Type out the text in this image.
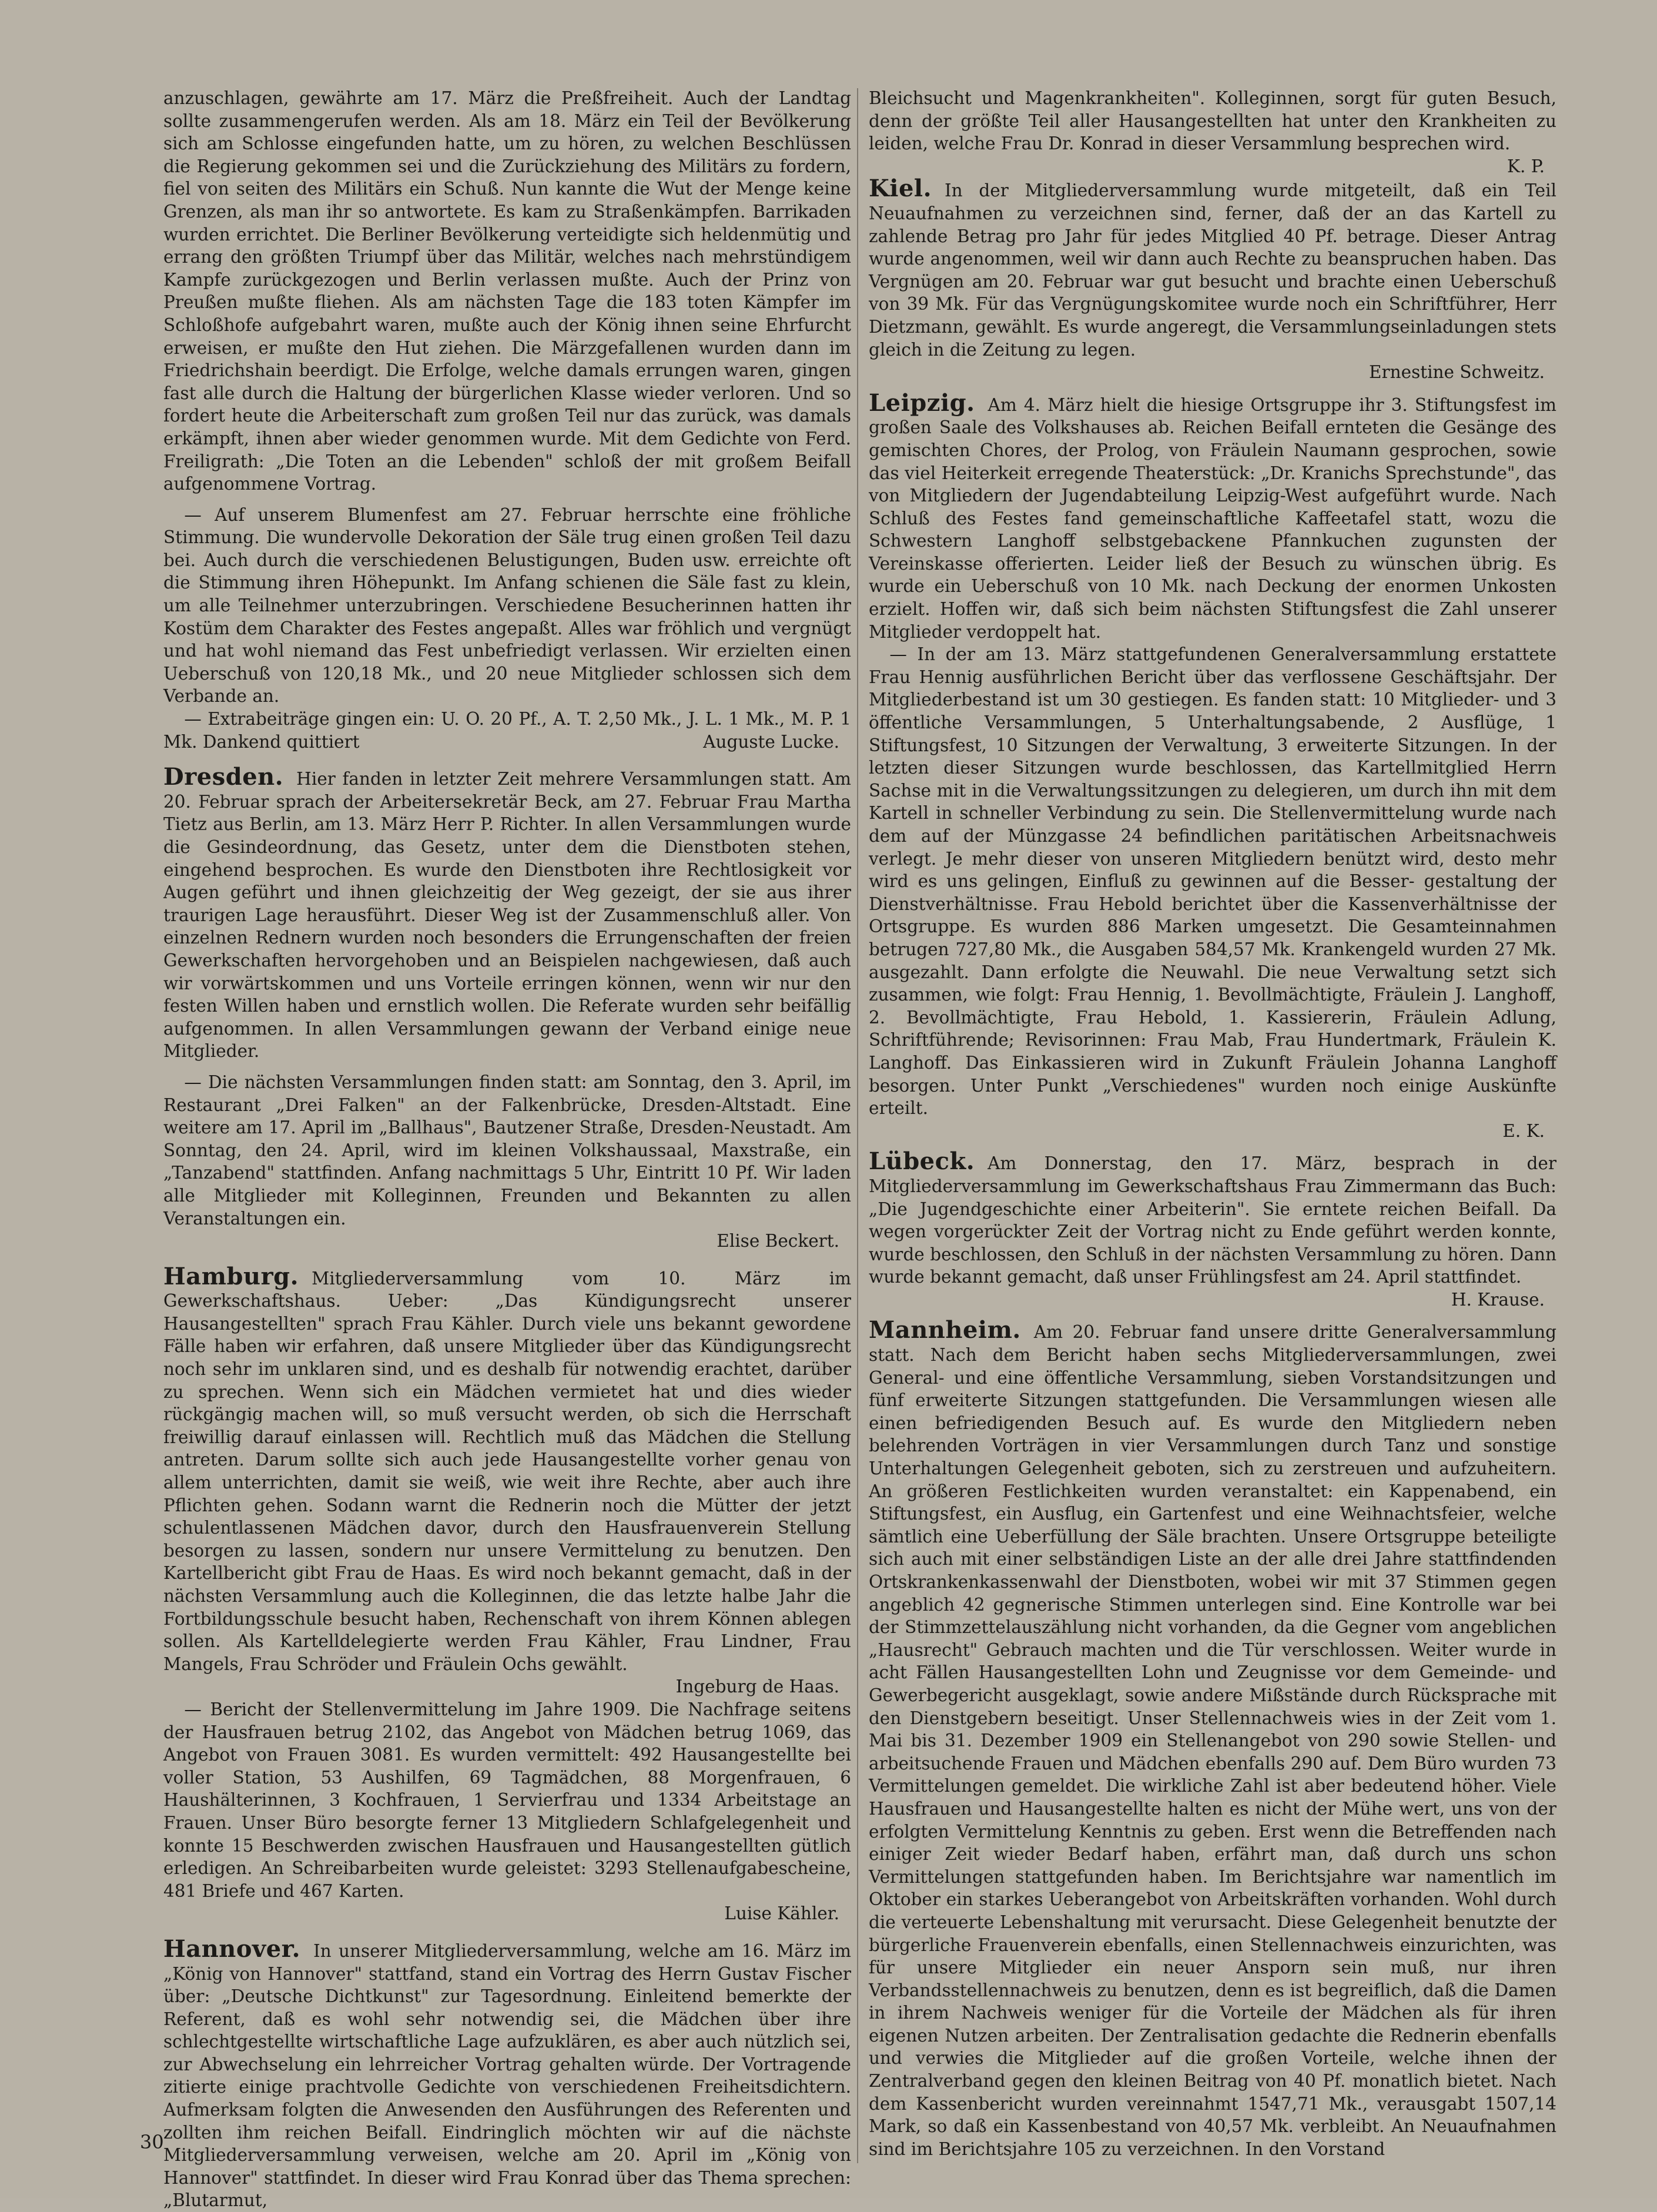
anzuschlagen, gewährte am 17. März die Preßfreiheit. Auch der Landtag sollte zusammengerufen werden. Als am 18. März ein Teil der Bevölkerung sich am Schlosse eingefunden hatte, um zu hören, zu welchen Beschlüssen die Regierung gekommen sei und die Zurückziehung des Militärs zu fordern, fiel von seiten des Militärs ein Schuß. Nun kannte die Wut der Menge keine Grenzen, als man ihr so antwortete. Es kam zu Straßenkämpfen. Barrikaden wurden errichtet. Die Berliner Bevölkerung verteidigte sich heldenmütig und errang den größten Triumpf über das Militär, welches nach mehrstündigem Kampfe zurückgezogen und Berlin verlassen mußte. Auch der Prinz von Preußen mußte fliehen. Als am nächsten Tage die 183 toten Kämpfer im Schloßhofe aufgebahrt waren, mußte auch der König ihnen seine Ehrfurcht erweisen, er mußte den Hut ziehen. Die Märzgefallenen wurden dann im Friedrichshain beerdigt. Die Erfolge, welche damals errungen waren, gingen fast alle durch die Haltung der bürgerlichen Klasse wieder verloren. Und so fordert heute die Arbeiterschaft zum großen Teil nur das zurück, was damals erkämpft, ihnen aber wieder genommen wurde. Mit dem Gedichte von Ferd. Freiligrath: „Die Toten an die Lebenden" schloß der mit großem Beifall aufgenommene Vortrag.

— Auf unserem Blumenfest am 27. Februar herrschte eine fröhliche Stimmung. Die wundervolle Dekoration der Säle trug einen großen Teil dazu bei. Auch durch die verschiedenen Belustigungen, Buden usw. erreichte oft die Stimmung ihren Höhepunkt. Im Anfang schienen die Säle fast zu klein, um alle Teilnehmer unterzubringen. Verschiedene Besucherinnen hatten ihr Kostüm dem Charakter des Festes angepaßt. Alles war fröhlich und vergnügt und hat wohl niemand das Fest unbefriedigt verlassen. Wir erzielten einen Ueberschuß von 120,18 Mk., und 20 neue Mitglieder schlossen sich dem Verbande an.

— Extrabeiträge gingen ein: U. O. 20 Pf., A. T. 2,50 Mk., J. L. 1 Mk., M. P. 1 Mk. Dankend quittiert	Auguste Lucke.

Dresden. Hier fanden in letzter Zeit mehrere Versammlungen statt. Am 20. Februar sprach der Arbeitersekretär Beck, am 27. Februar Frau Martha Tietz aus Berlin, am 13. März Herr P. Richter. In allen Versammlungen wurde die Gesindeordnung, das Gesetz, unter dem die Dienstboten stehen, eingehend besprochen. Es wurde den Dienstboten ihre Rechtlosigkeit vor Augen geführt und ihnen gleichzeitig der Weg gezeigt, der sie aus ihrer traurigen Lage herausführt. Dieser Weg ist der Zusammenschluß aller. Von einzelnen Rednern wurden noch besonders die Errungenschaften der freien Gewerkschaften hervorgehoben und an Beispielen nachgewiesen, daß auch wir vorwärtskommen und uns Vorteile erringen können, wenn wir nur den festen Willen haben und ernstlich wollen. Die Referate wurden sehr beifällig aufgenommen. In allen Versammlungen gewann der Verband einige neue Mitglieder.

— Die nächsten Versammlungen finden statt: am Sonntag, den 3. April, im Restaurant „Drei Falken" an der Falkenbrücke, Dresden-Altstadt. Eine weitere am 17. April im „Ballhaus", Bautzener Straße, Dresden-Neustadt. Am Sonntag, den 24. April, wird im kleinen Volkshaussaal, Maxstraße, ein „Tanzabend" stattfinden. Anfang nachmittags 5 Uhr, Eintritt 10 Pf. Wir laden alle Mitglieder mit Kolleginnen, Freunden und Bekannten zu allen Veranstaltungen ein.

Elise Beckert.

Hamburg. Mitgliederversammlung vom 10. März im Gewerkschaftshaus. Ueber: „Das Kündigungsrecht unserer Hausangestellten" sprach Frau Kähler. Durch viele uns bekannt gewordene Fälle haben wir erfahren, daß unsere Mitglieder über das Kündigungsrecht noch sehr im unklaren sind, und es deshalb für notwendig erachtet, darüber zu sprechen. Wenn sich ein Mädchen vermietet hat und dies wieder rückgängig machen will, so muß versucht werden, ob sich die Herrschaft freiwillig darauf einlassen will. Rechtlich muß das Mädchen die Stellung antreten. Darum sollte sich auch jede Hausangestellte vorher genau von allem unterrichten, damit sie weiß, wie weit ihre Rechte, aber auch ihre Pflichten gehen. Sodann warnt die Rednerin noch die Mütter der jetzt schulentlassenen Mädchen davor, durch den Hausfrauenverein Stellung besorgen zu lassen, sondern nur unsere Vermittelung zu benutzen. Den Kartellbericht gibt Frau de Haas. Es wird noch bekannt gemacht, daß in der nächsten Versammlung auch die Kolleginnen, die das letzte halbe Jahr die Fortbildungsschule besucht haben, Rechenschaft von ihrem Können ablegen sollen. Als Kartelldelegierte werden Frau Kähler, Frau Lindner, Frau Mangels, Frau Schröder und Fräulein Ochs gewählt.

Ingeburg de Haas.

— Bericht der Stellenvermittelung im Jahre 1909. Die Nachfrage seitens der Hausfrauen betrug 2102, das Angebot von Mädchen betrug 1069, das Angebot von Frauen 3081. Es wurden vermittelt: 492 Hausangestellte bei voller Station, 53 Aushilfen, 69 Tagmädchen, 88 Morgenfrauen, 6 Haushälterinnen, 3 Kochfrauen, 1 Servierfrau und 1334 Arbeitstage an Frauen. Unser Büro besorgte ferner 13 Mitgliedern Schlafgelegenheit und konnte 15 Beschwerden zwischen Hausfrauen und Hausangestellten gütlich erledigen. An Schreibarbeiten wurde geleistet: 3293 Stellenaufgabescheine, 481 Briefe und 467 Karten.

Luise Kähler.

Hannover. In unserer Mitgliederversammlung, welche am 16. März im „König von Hannover" stattfand, stand ein Vortrag des Herrn Gustav Fischer über: „Deutsche Dichtkunst" zur Tagesordnung. Einleitend bemerkte der Referent, daß es wohl sehr notwendig sei, die Mädchen über ihre schlechtgestellte wirtschaftliche Lage aufzuklären, es aber auch nützlich sei, zur Abwechselung ein lehrreicher Vortrag gehalten würde. Der Vortragende zitierte einige prachtvolle Gedichte von verschiedenen Freiheitsdichtern. Aufmerksam folgten die Anwesenden den Ausführungen des Referenten und zollten ihm reichen Beifall. Eindringlich möchten wir auf die nächste Mitgliederversammlung verweisen, welche am 20. April im „König von Hannover" stattfindet. In dieser wird Frau Konrad über das Thema sprechen: „Blutarmut,

Bleichsucht und Magenkrankheiten". Kolleginnen, sorgt für guten Besuch, denn der größte Teil aller Hausangestellten hat unter den Krankheiten zu leiden, welche Frau Dr. Konrad in dieser Versammlung besprechen wird.

K. P.

Kiel. In der Mitgliederversammlung wurde mitgeteilt, daß ein Teil Neuaufnahmen zu verzeichnen sind, ferner, daß der an das Kartell zu zahlende Betrag pro Jahr für jedes Mitglied 40 Pf. betrage. Dieser Antrag wurde angenommen, weil wir dann auch Rechte zu beanspruchen haben. Das Vergnügen am 20. Februar war gut besucht und brachte einen Ueberschuß von 39 Mk. Für das Vergnügungskomitee wurde noch ein Schriftführer, Herr Dietzmann, gewählt. Es wurde angeregt, die Versammlungseinladungen stets gleich in die Zeitung zu legen.

Ernestine Schweitz.

Leipzig. Am 4. März hielt die hiesige Ortsgruppe ihr 3. Stiftungsfest im großen Saale des Volkshauses ab. Reichen Beifall ernteten die Gesänge des gemischten Chores, der Prolog, von Fräulein Naumann gesprochen, sowie das viel Heiterkeit erregende Theaterstück: „Dr. Kranichs Sprechstunde", das von Mitgliedern der Jugendabteilung Leipzig-West aufgeführt wurde. Nach Schluß des Festes fand gemeinschaftliche Kaffeetafel statt, wozu die Schwestern Langhoff selbstgebackene Pfannkuchen zugunsten der Vereinskasse offerierten. Leider ließ der Besuch zu wünschen übrig. Es wurde ein Ueberschuß von 10 Mk. nach Deckung der enormen Unkosten erzielt. Hoffen wir, daß sich beim nächsten Stiftungsfest die Zahl unserer Mitglieder verdoppelt hat.

— In der am 13. März stattgefundenen Generalversammlung erstattete Frau Hennig ausführlichen Bericht über das verflossene Geschäftsjahr. Der Mitgliederbestand ist um 30 gestiegen. Es fanden statt: 10 Mitglieder- und 3 öffentliche Versammlungen, 5 Unterhaltungsabende, 2 Ausflüge, 1 Stiftungsfest, 10 Sitzungen der Verwaltung, 3 erweiterte Sitzungen. In der letzten dieser Sitzungen wurde beschlossen, das Kartellmitglied Herrn Sachse mit in die Verwaltungssitzungen zu delegieren, um durch ihn mit dem Kartell in schneller Verbindung zu sein. Die Stellenvermittelung wurde nach dem auf der Münzgasse 24 befindlichen paritätischen Arbeitsnachweis verlegt. Je mehr dieser von unseren Mitgliedern benützt wird, desto mehr wird es uns gelingen, Einfluß zu gewinnen auf die Besser- gestaltung der Dienstverhältnisse. Frau Hebold berichtet über die Kassenverhältnisse der Ortsgruppe. Es wurden 886 Marken umgesetzt. Die Gesamteinnahmen betrugen 727,80 Mk., die Ausgaben 584,57 Mk. Krankengeld wurden 27 Mk. ausgezahlt. Dann erfolgte die Neuwahl. Die neue Verwaltung setzt sich zusammen, wie folgt: Frau Hennig, 1. Bevollmächtigte, Fräulein J. Langhoff, 2. Bevollmächtigte, Frau Hebold, 1. Kassiererin, Fräulein Adlung, Schriftführende; Revisorinnen: Frau Mab, Frau Hundertmark, Fräulein K. Langhoff. Das Einkassieren wird in Zukunft Fräulein Johanna Langhoff besorgen. Unter Punkt „Verschiedenes" wurden noch einige Auskünfte erteilt.

E. K.

Lübeck. Am Donnerstag, den 17. März, besprach in der Mitgliederversammlung im Gewerkschaftshaus Frau Zimmermann das Buch: „Die Jugendgeschichte einer Arbeiterin". Sie erntete reichen Beifall. Da wegen vorgerückter Zeit der Vortrag nicht zu Ende geführt werden konnte, wurde beschlossen, den Schluß in der nächsten Versammlung zu hören. Dann wurde bekannt gemacht, daß unser Frühlingsfest am 24. April stattfindet.

H. Krause.

Mannheim. Am 20. Februar fand unsere dritte Generalversammlung statt. Nach dem Bericht haben sechs Mitgliederversammlungen, zwei General- und eine öffentliche Versammlung, sieben Vorstandsitzungen und fünf erweiterte Sitzungen stattgefunden. Die Versammlungen wiesen alle einen befriedigenden Besuch auf. Es wurde den Mitgliedern neben belehrenden Vorträgen in vier Versammlungen durch Tanz und sonstige Unterhaltungen Gelegenheit geboten, sich zu zerstreuen und aufzuheitern. An größeren Festlichkeiten wurden veranstaltet: ein Kappenabend, ein Stiftungsfest, ein Ausflug, ein Gartenfest und eine Weihnachtsfeier, welche sämtlich eine Ueberfüllung der Säle brachten. Unsere Ortsgruppe beteiligte sich auch mit einer selbständigen Liste an der alle drei Jahre stattfindenden Ortskrankenkassenwahl der Dienstboten, wobei wir mit 37 Stimmen gegen angeblich 42 gegnerische Stimmen unterlegen sind. Eine Kontrolle war bei der Stimmzettelauszählung nicht vorhanden, da die Gegner vom angeblichen „Hausrecht" Gebrauch machten und die Tür verschlossen. Weiter wurde in acht Fällen Hausangestellten Lohn und Zeugnisse vor dem Gemeinde- und Gewerbegericht ausgeklagt, sowie andere Mißstände durch Rücksprache mit den Dienstgebern beseitigt. Unser Stellennachweis wies in der Zeit vom 1. Mai bis 31. Dezember 1909 ein Stellenangebot von 290 sowie Stellen- und arbeitsuchende Frauen und Mädchen ebenfalls 290 auf. Dem Büro wurden 73 Vermittelungen gemeldet. Die wirkliche Zahl ist aber bedeutend höher. Viele Hausfrauen und Hausangestellte halten es nicht der Mühe wert, uns von der erfolgten Vermittelung Kenntnis zu geben. Erst wenn die Betreffenden nach einiger Zeit wieder Bedarf haben, erfährt man, daß durch uns schon Vermittelungen stattgefunden haben. Im Berichtsjahre war namentlich im Oktober ein starkes Ueberangebot von Arbeitskräften vorhanden. Wohl durch die verteuerte Lebenshaltung mit verursacht. Diese Gelegenheit benutzte der bürgerliche Frauenverein ebenfalls, einen Stellennachweis einzurichten, was für unsere Mitglieder ein neuer Ansporn sein muß, nur ihren Verbandsstellennachweis zu benutzen, denn es ist begreiflich, daß die Damen in ihrem Nachweis weniger für die Vorteile der Mädchen als für ihren eigenen Nutzen arbeiten. Der Zentralisation gedachte die Rednerin ebenfalls und verwies die Mitglieder auf die großen Vorteile, welche ihnen der Zentralverband gegen den kleinen Beitrag von 40 Pf. monatlich bietet. Nach dem Kassenbericht wurden vereinnahmt 1547,71 Mk., verausgabt 1507,14 Mark, so daß ein Kassenbestand von 40,57 Mk. verbleibt. An Neuaufnahmen sind im Berichtsjahre 105 zu verzeichnen. In den Vorstand

30
